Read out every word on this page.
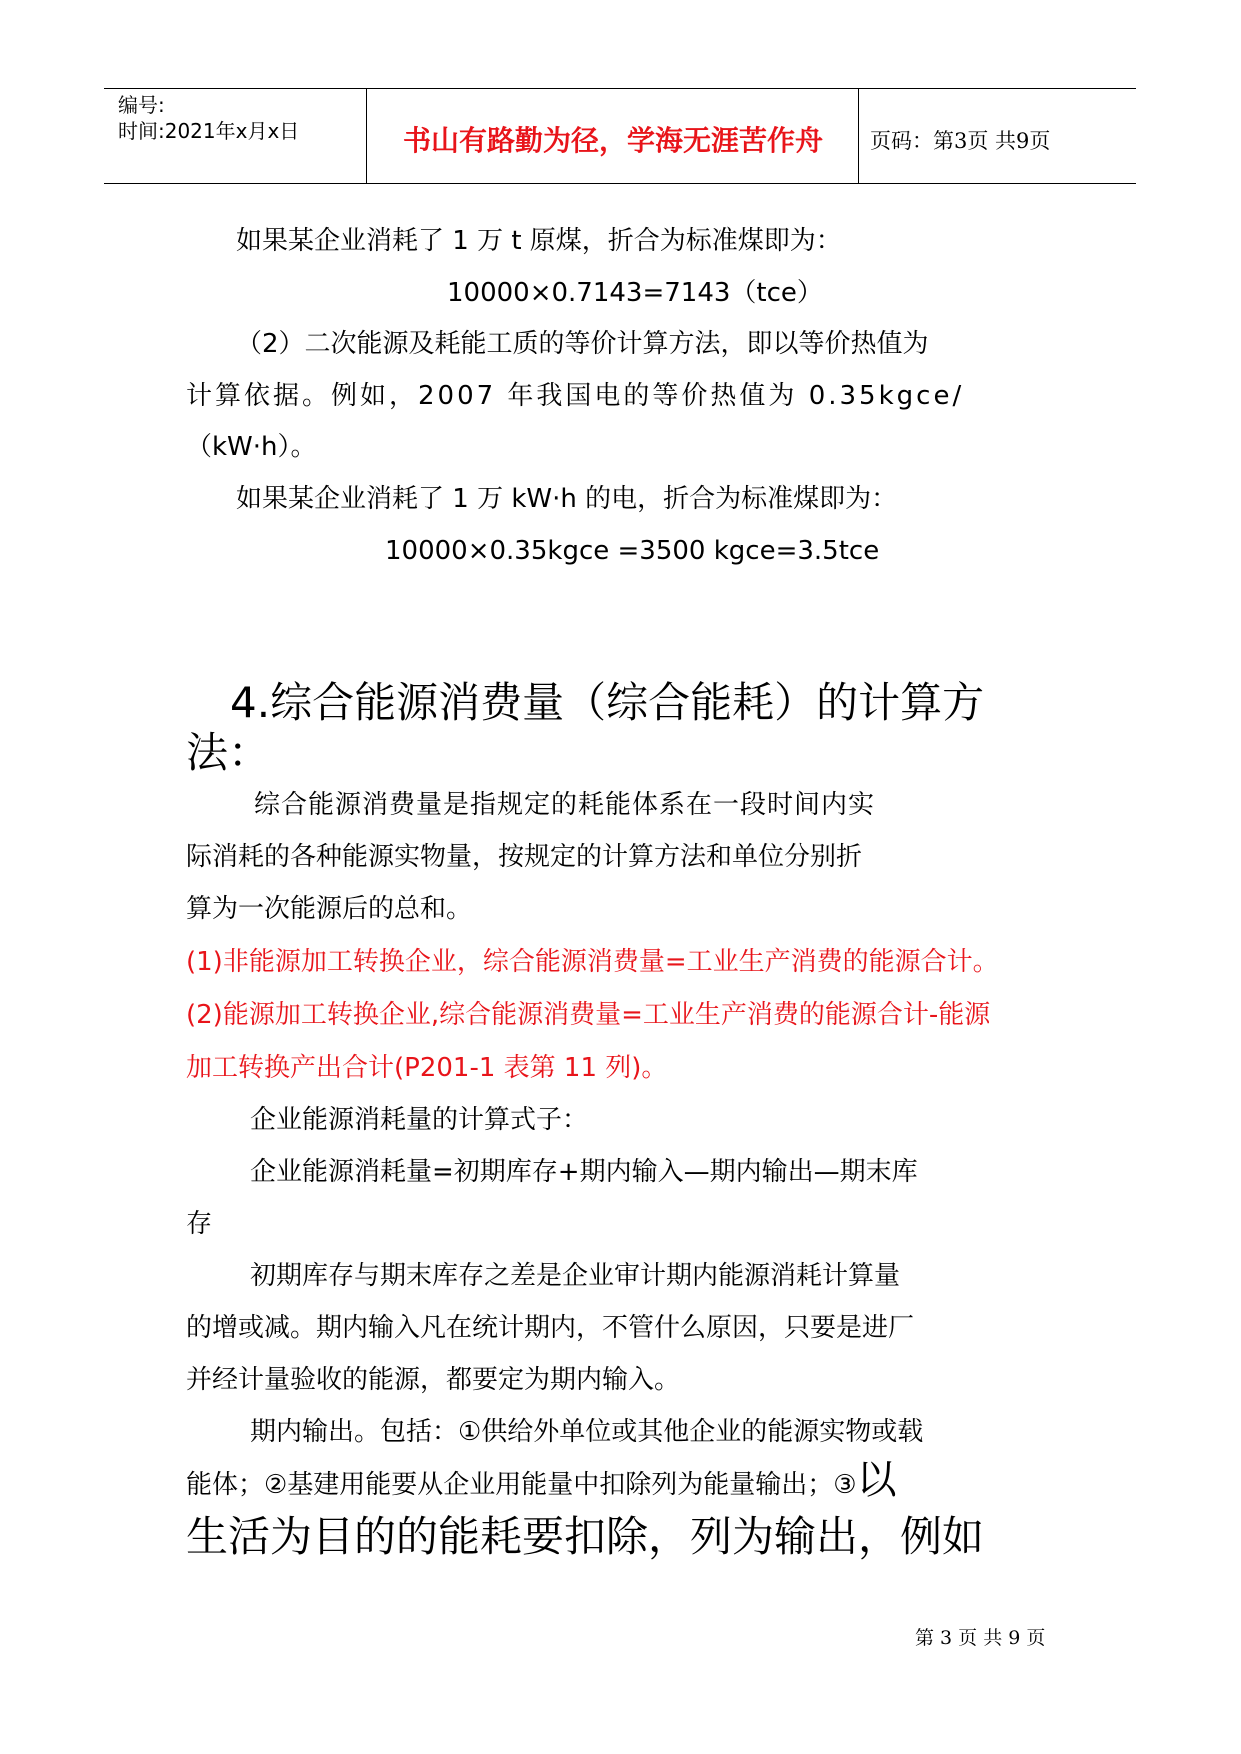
编号:
时间:2021年x月x日	书山有路勤为径，学海无涯苦作舟	页码：第3页 共9页
如果某企业消耗了 1 万 t 原煤，折合为标准煤即为：
10000×0.7143=7143（tce）
（2）二次能源及耗能工质的等价计算方法，即以等价热值为
计算依据。例如，2007 年我国电的等价热值为 0.35kgce/
（kW·h）。
如果某企业消耗了 1 万 kW·h 的电，折合为标准煤即为：
10000×0.35kgce =3500 kgce=3.5tce
4.综合能源消费量（综合能耗）的计算方
法：
综合能源消费量是指规定的耗能体系在一段时间内实
际消耗的各种能源实物量，按规定的计算方法和单位分别折
算为一次能源后的总和。
(1)非能源加工转换企业，综合能源消费量=工业生产消费的能源合计。
(2)能源加工转换企业,综合能源消费量=工业生产消费的能源合计-能源
加工转换产出合计(P201-1 表第 11 列)。
企业能源消耗量的计算式子：
企业能源消耗量=初期库存+期内输入—期内输出—期末库
存
初期库存与期末库存之差是企业审计期内能源消耗计算量
的增或减。期内输入凡在统计期内，不管什么原因，只要是进厂
并经计量验收的能源，都要定为期内输入。
期内输出。包括：①供给外单位或其他企业的能源实物或载
能体；②基建用能要从企业用能量中扣除列为能量输出；③以
生活为目的的能耗要扣除，列为输出，例如
第 3 页 共 9 页
